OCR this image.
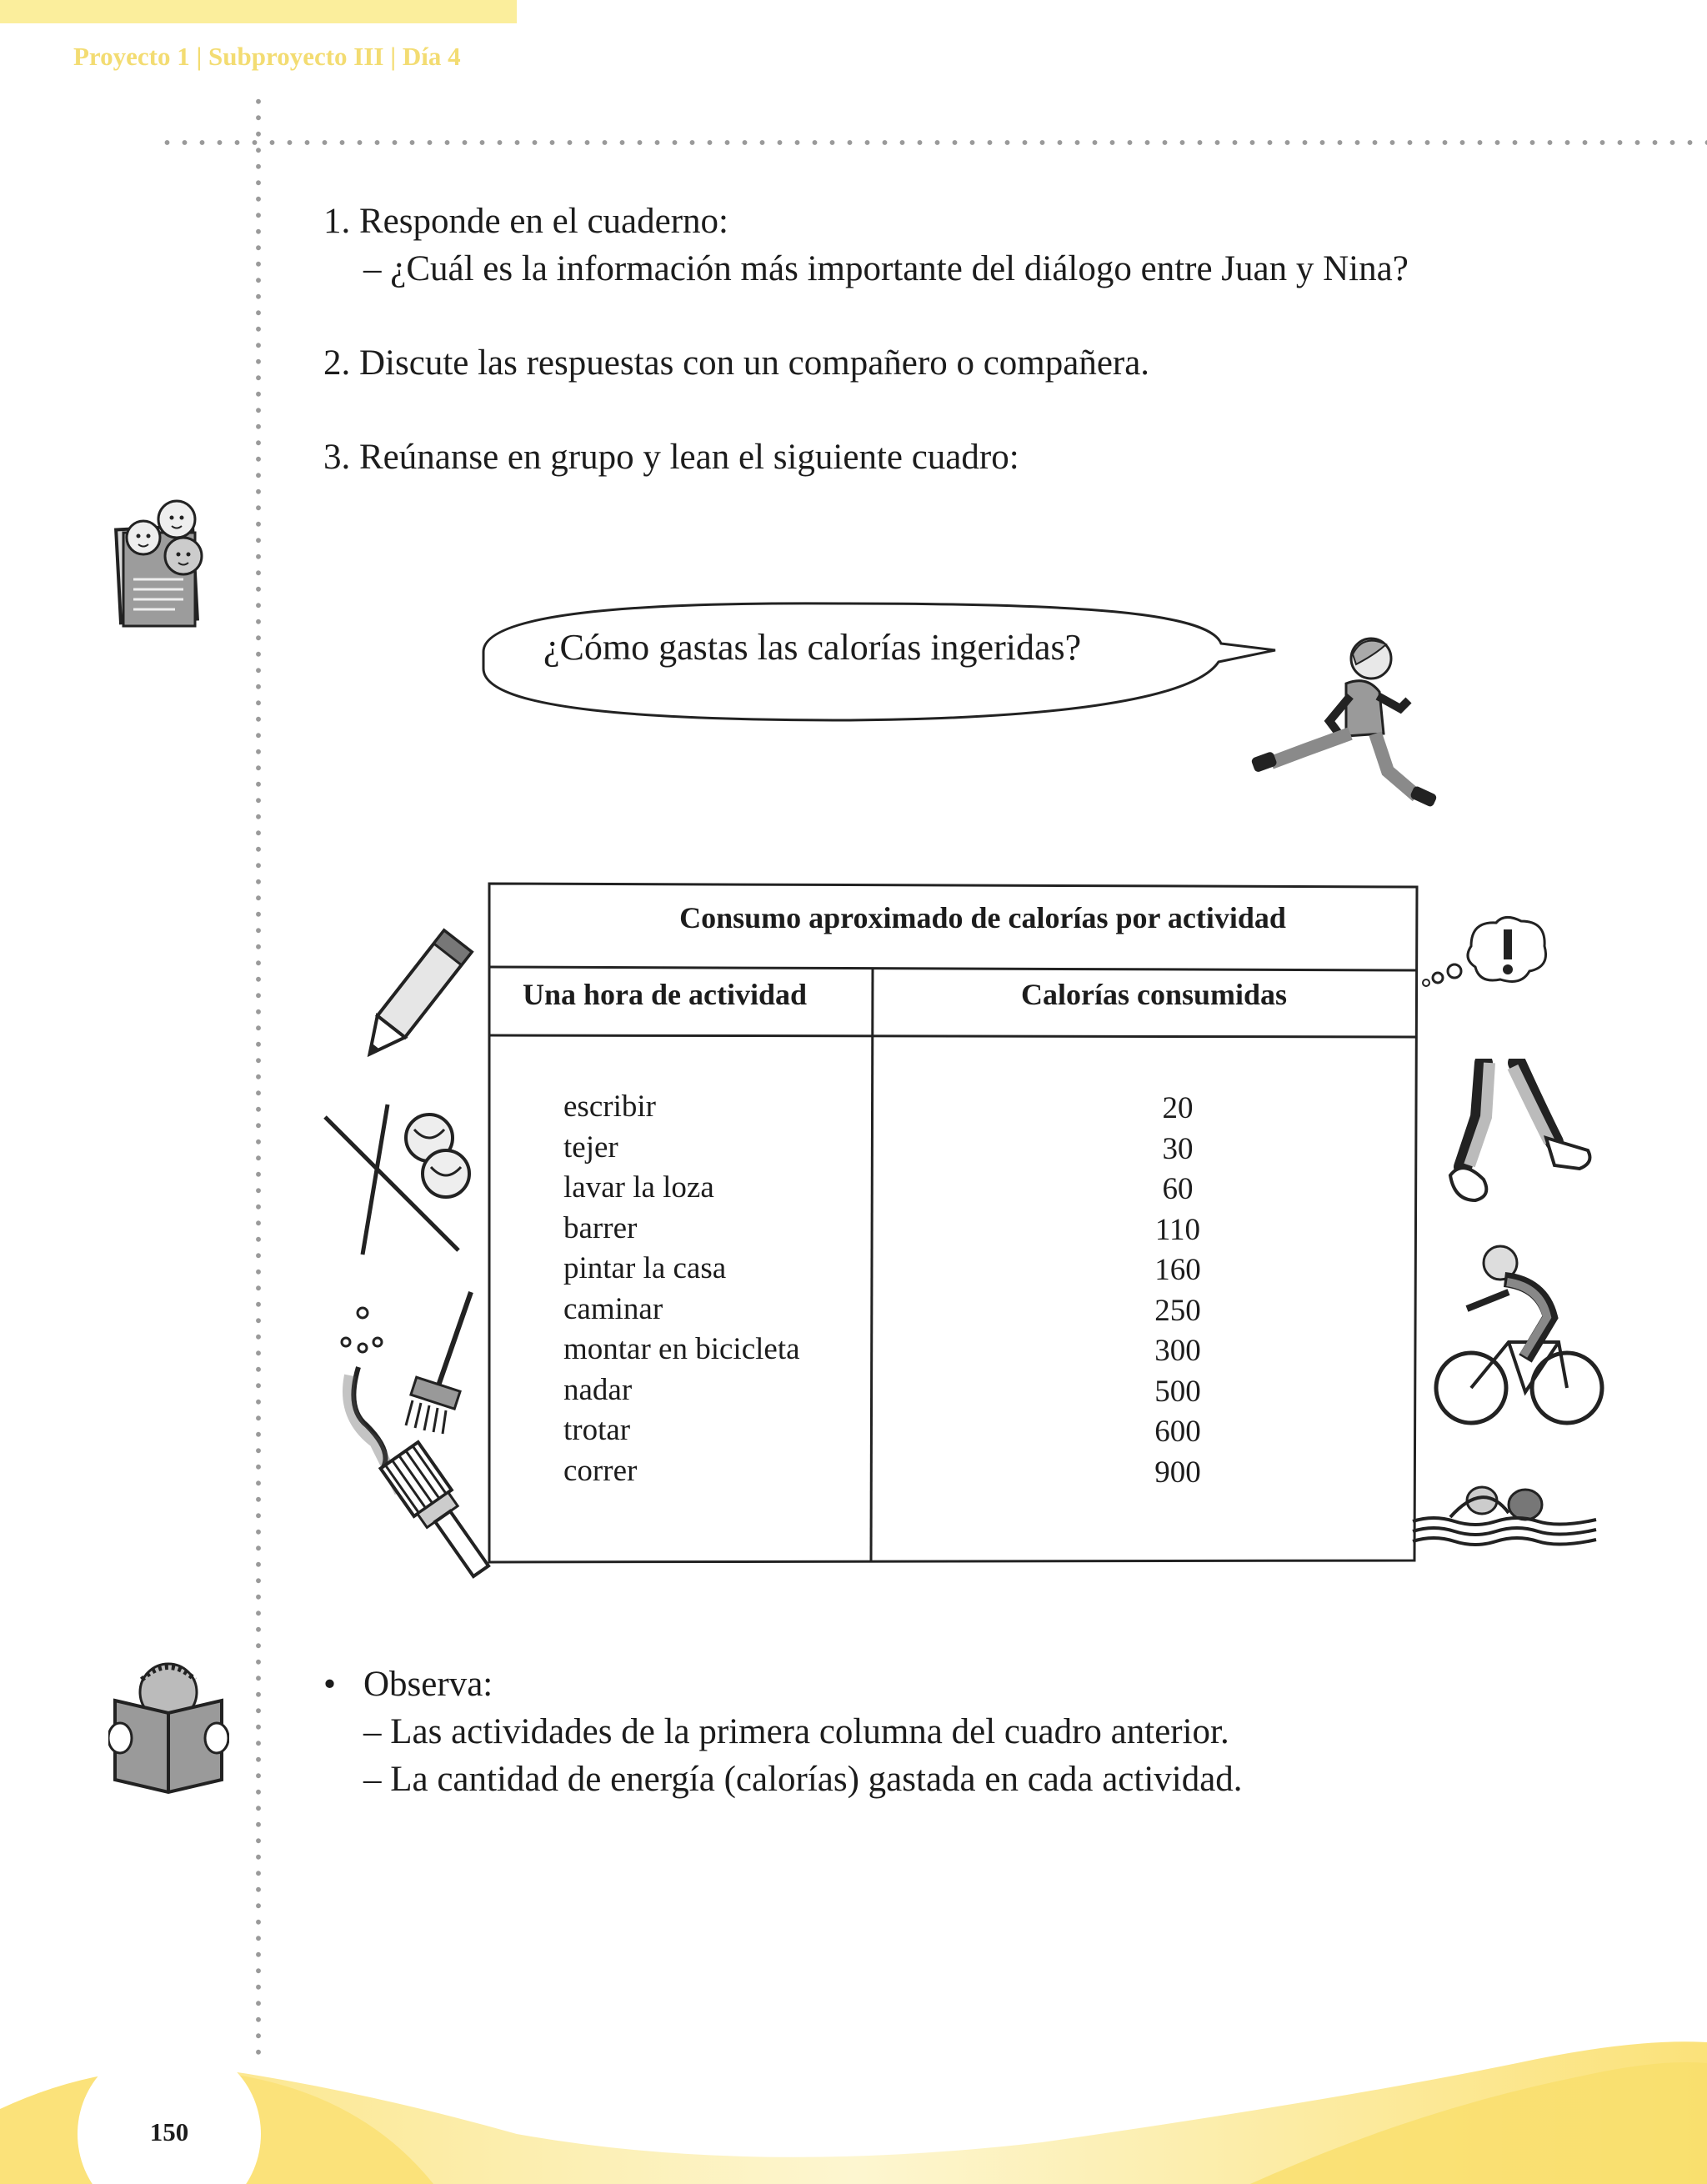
Proyecto 1 | Subproyecto III | Día 4
1. Responde en el cuaderno:
– ¿Cuál es la información más importante del diálogo entre Juan y Nina?
2. Discute las respuestas con un compañero o compañera.
3. Reúnanse en grupo y lean el siguiente cuadro:
¿Cómo gastas las calorías ingeridas?
Consumo aproximado de calorías por actividad
Una hora de actividad	Calorías consumidas
escribir
tejer
lavar la loza
barrer
pintar la casa
caminar
montar en bicicleta
nadar
trotar
correr
20
30
60
110
160
250
300
500
600
900
• Observa:
– Las actividades de la primera columna del cuadro anterior.
– La cantidad de energía (calorías) gastada en cada actividad.
150
